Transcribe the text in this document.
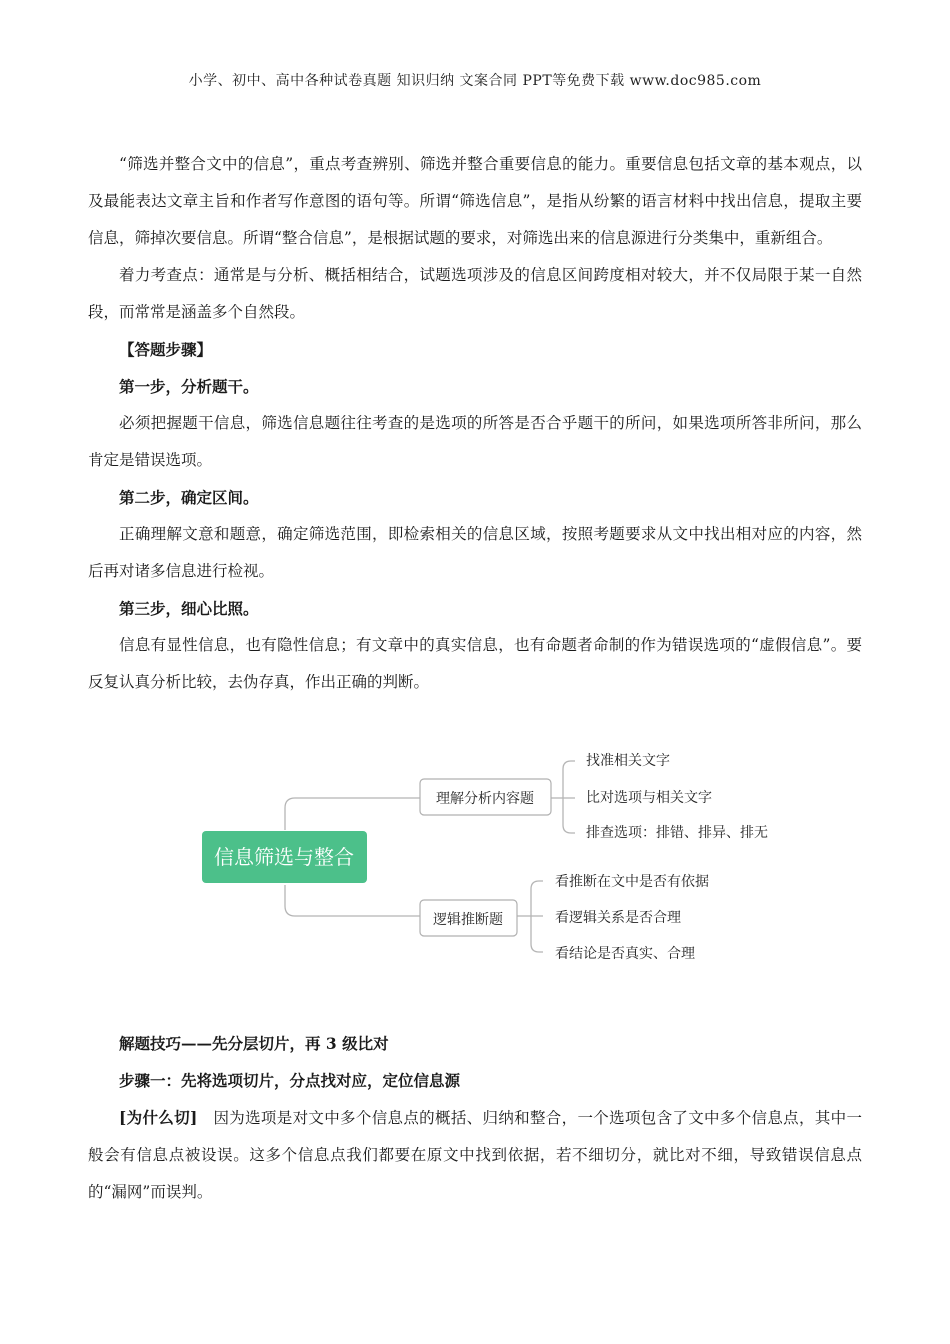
小学、初中、高中各种试卷真题 知识归纳 文案合同 PPT等免费下载 www.doc985.com

“筛选并整合文中的信息”，重点考查辨别、筛选并整合重要信息的能力。重要信息包括文章的基本观点，以及最能表达文章主旨和作者写作意图的语句等。所谓“筛选信息”，是指从纷繁的语言材料中找出信息，提取主要信息，筛掉次要信息。所谓“整合信息”，是根据试题的要求，对筛选出来的信息源进行分类集中，重新组合。

着力考查点：通常是与分析、概括相结合，试题选项涉及的信息区间跨度相对较大，并不仅局限于某一自然段，而常常是涵盖多个自然段。

【答题步骤】

第一步，分析题干。

必须把握题干信息，筛选信息题往往考查的是选项的所答是否合乎题干的所问，如果选项所答非所问，那么肯定是错误选项。

第二步，确定区间。

正确理解文意和题意，确定筛选范围，即检索相关的信息区域，按照考题要求从文中找出相对应的内容，然后再对诸多信息进行检视。

第三步，细心比照。

信息有显性信息，也有隐性信息；有文章中的真实信息，也有命题者命制的作为错误选项的“虚假信息”。要反复认真分析比较，去伪存真，作出正确的判断。

信息筛选与整合
理解分析内容题
找准相关文字
比对选项与相关文字
排查选项：排错、排异、排无
逻辑推断题
看推断在文中是否有依据
看逻辑关系是否合理
看结论是否真实、合理

解题技巧——先分层切片，再 3 级比对

步骤一：先将选项切片，分点找对应，定位信息源

[为什么切]　 因为选项是对文中多个信息点的概括、归纳和整合，一个选项包含了文中多个信息点，其中一般会有信息点被设误。这多个信息点我们都要在原文中找到依据，若不细切分，就比对不细，导致错误信息点的“漏网”而误判。
